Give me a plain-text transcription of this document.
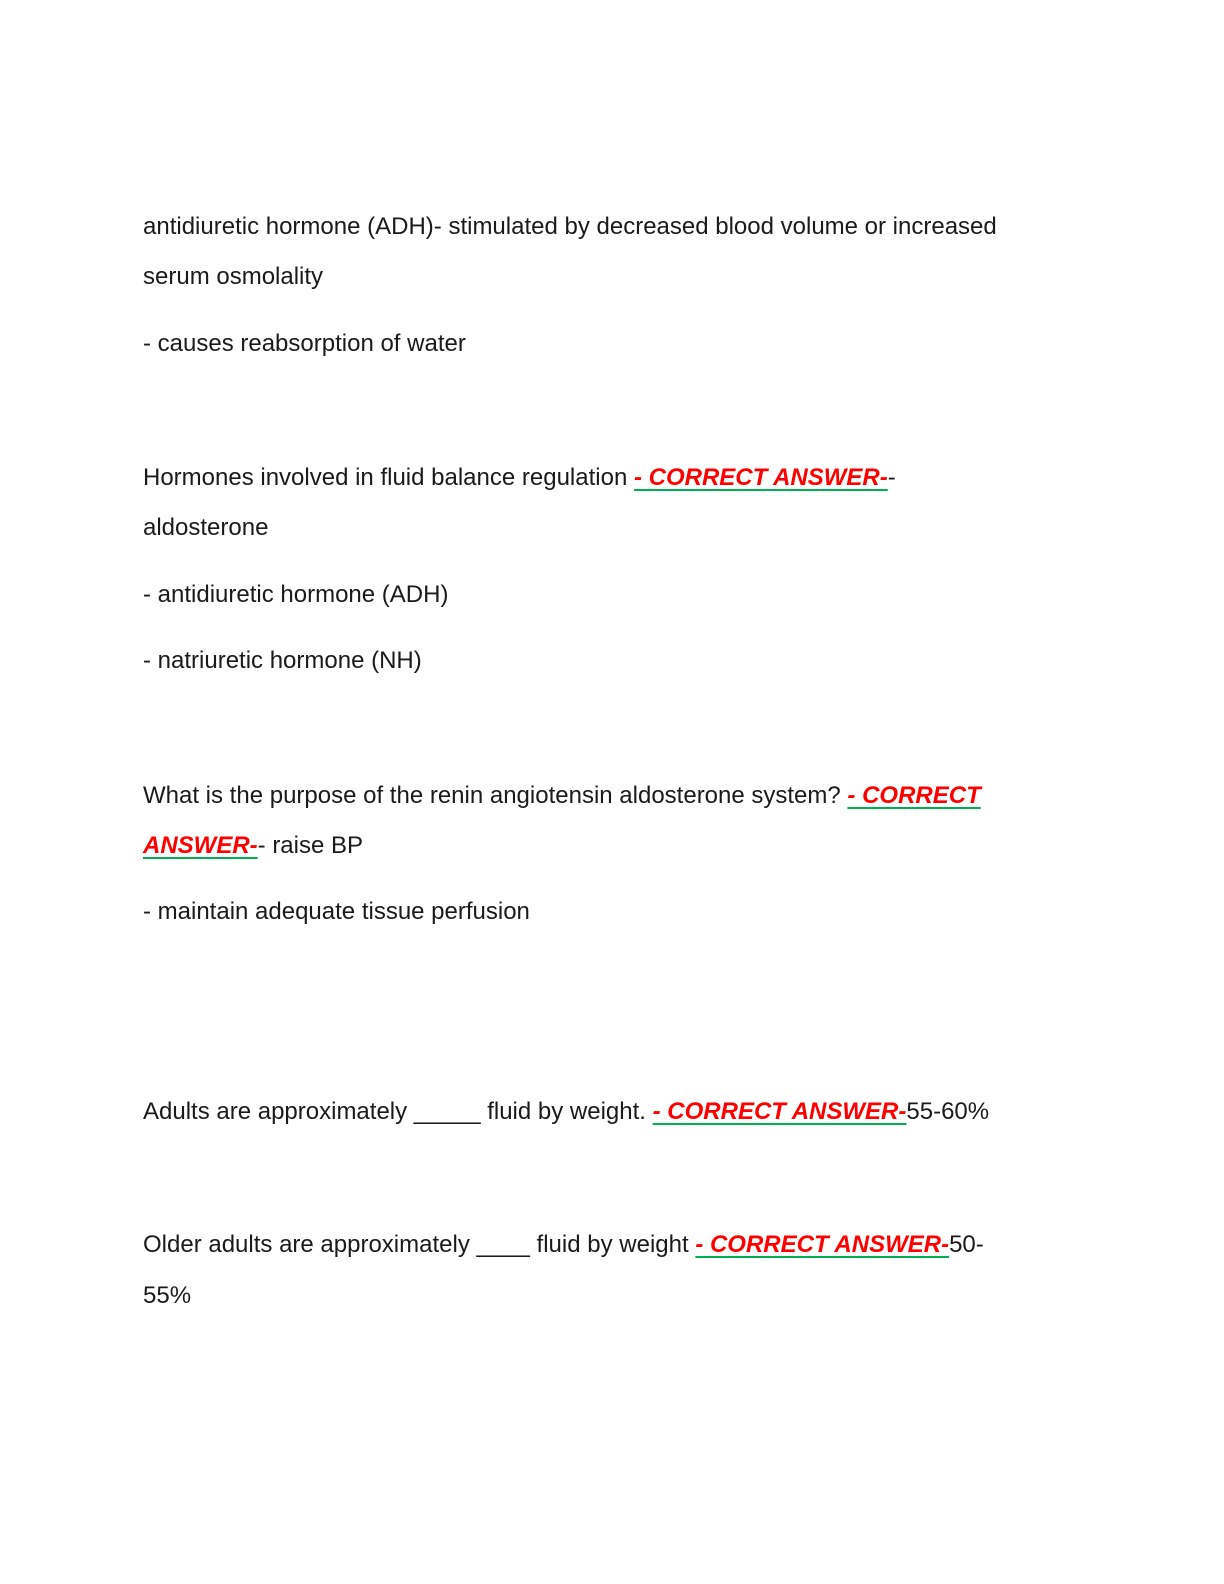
antidiuretic hormone (ADH)- stimulated by decreased blood volume or increased
serum osmolality
- causes reabsorption of water
Hormones involved in fluid balance regulation - CORRECT ANSWER--
aldosterone
- antidiuretic hormone (ADH)
- natriuretic hormone (NH)
What is the purpose of the renin angiotensin aldosterone system? - CORRECT
ANSWER-- raise BP
- maintain adequate tissue perfusion
Adults are approximately _____ fluid by weight. - CORRECT ANSWER-55-60%
Older adults are approximately ____ fluid by weight - CORRECT ANSWER-50-
55%
